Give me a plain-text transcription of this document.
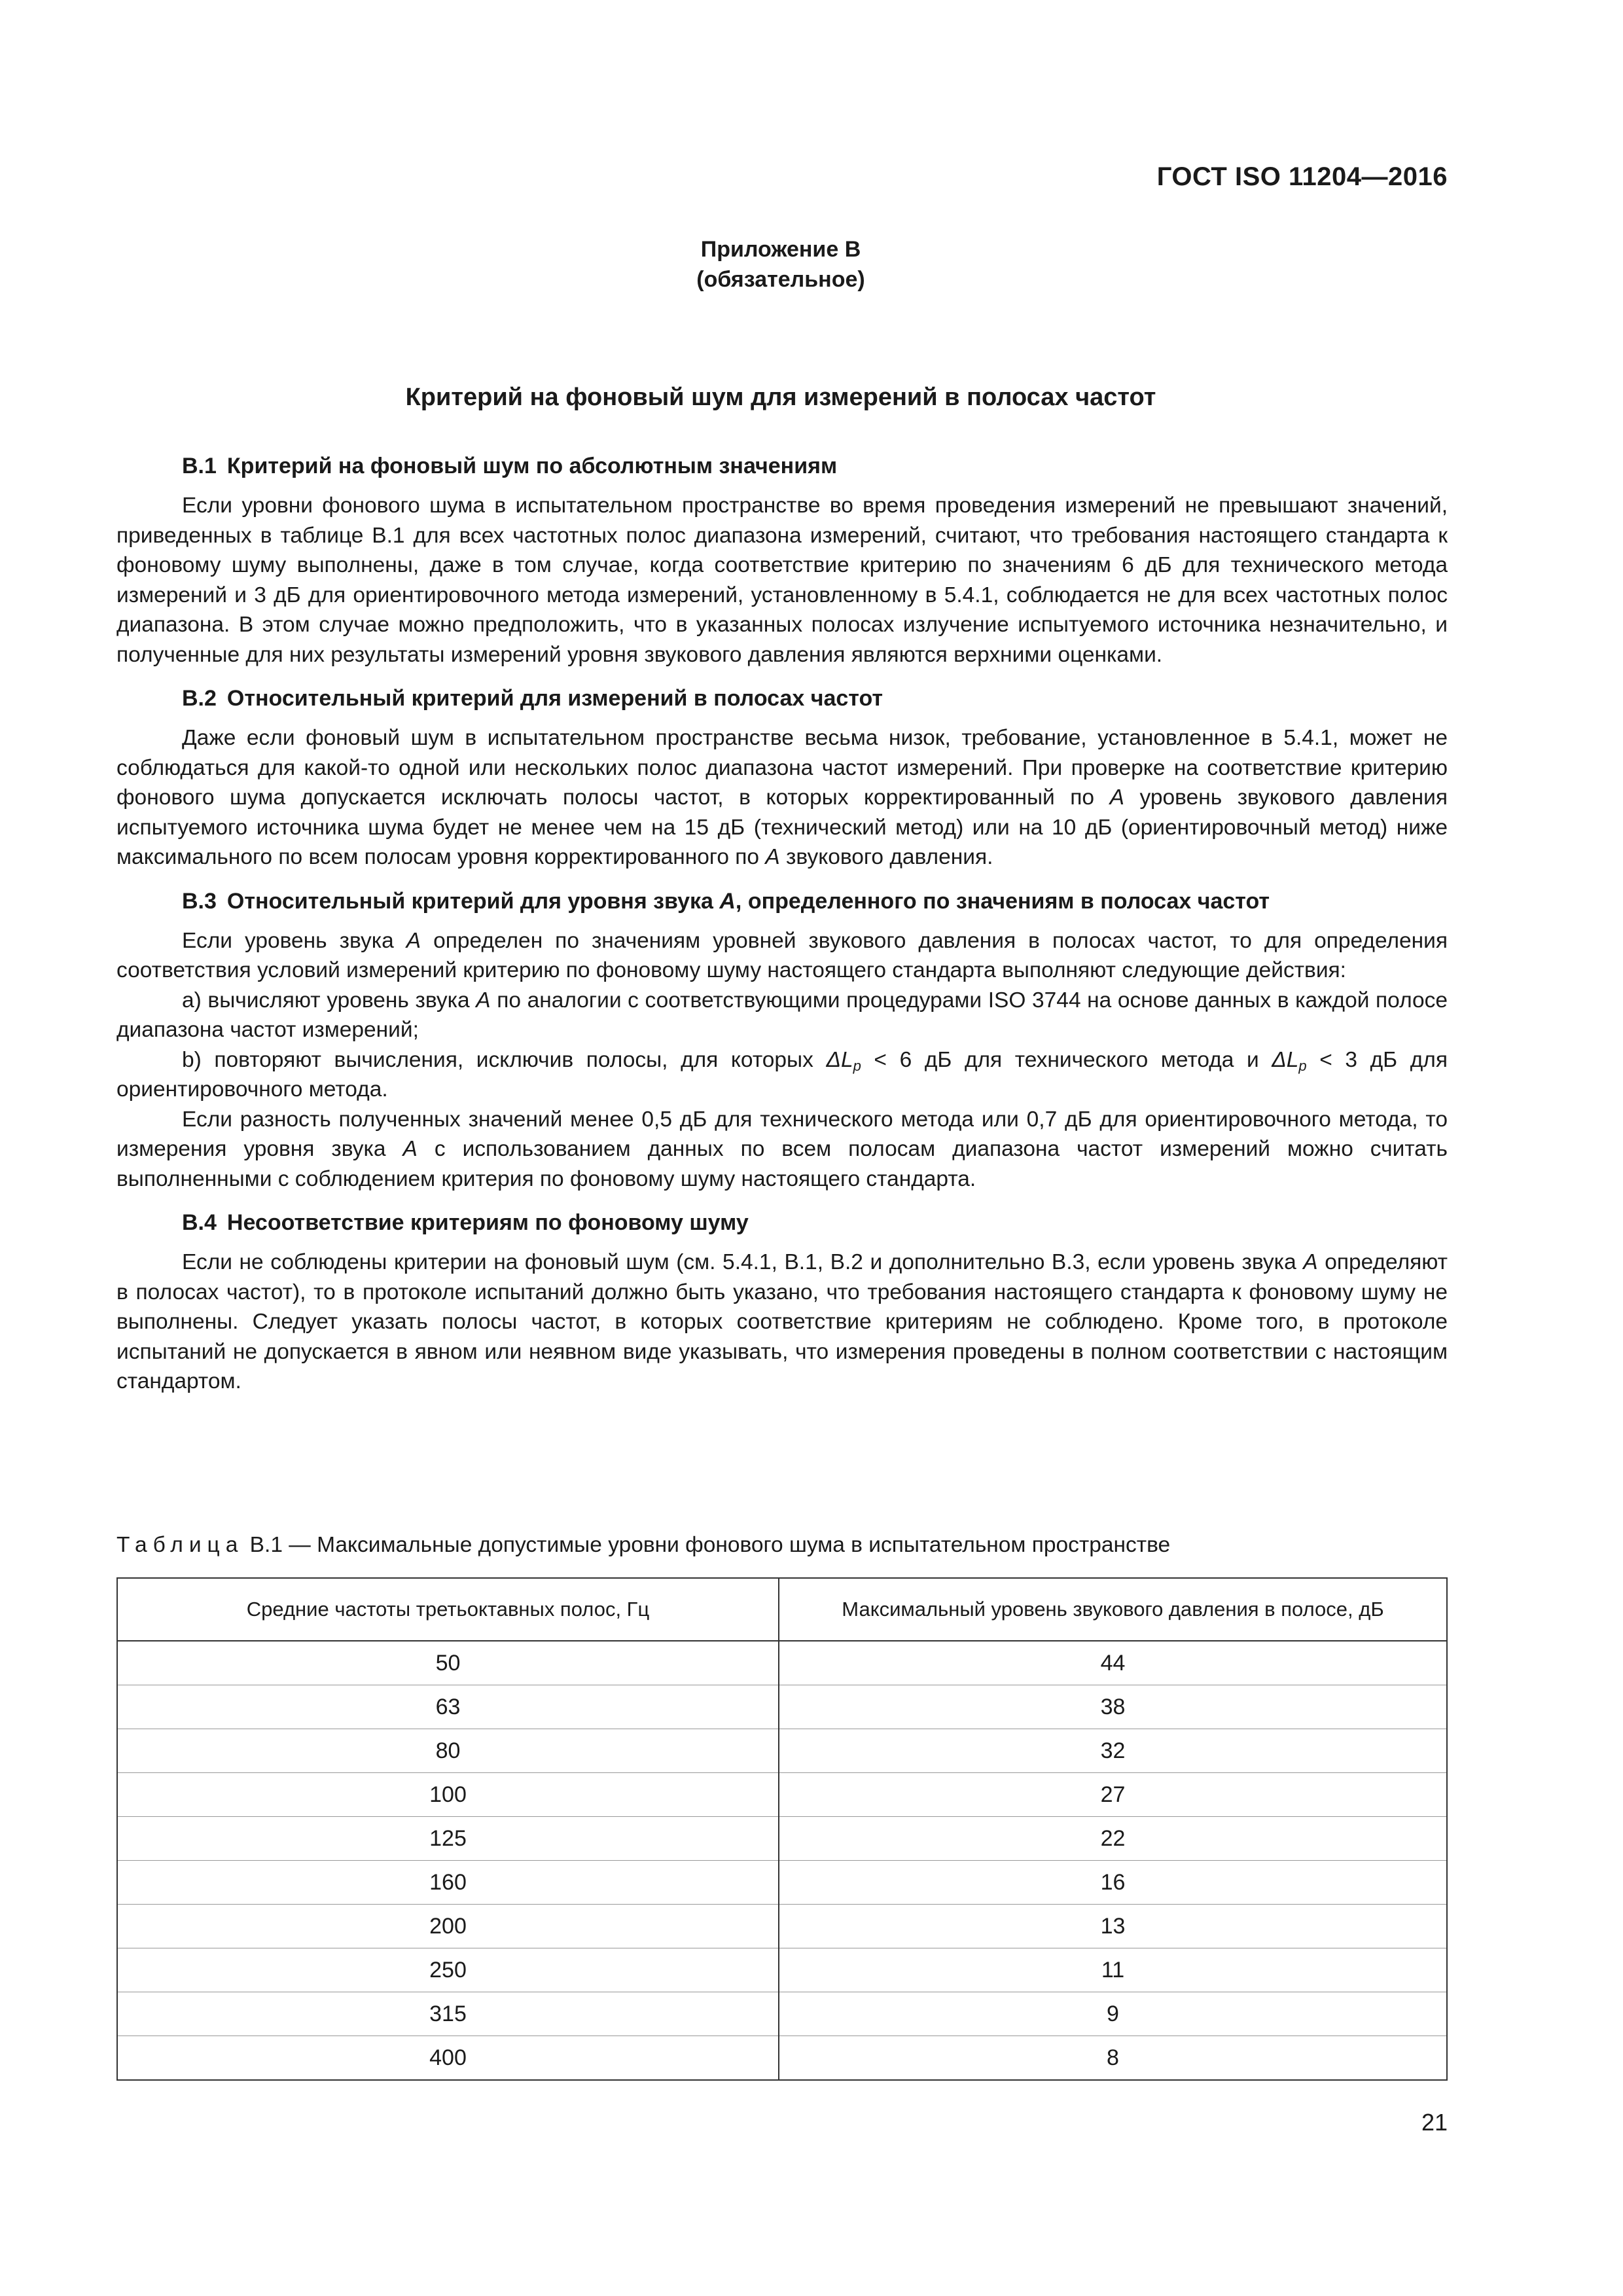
ГОСТ ISO 11204—2016
Приложение В
(обязательное)
Критерий на фоновый шум для измерений в полосах частот
В.1 Критерий на фоновый шум по абсолютным значениям

Если уровни фонового шума в испытательном пространстве во время проведения измерений не превышают значений, приведенных в таблице В.1 для всех частотных полос диапазона измерений, считают, что требования настоящего стандарта к фоновому шуму выполнены, даже в том случае, когда соответствие критерию по значениям 6 дБ для технического метода измерений и 3 дБ для ориентировочного метода измерений, установленному в 5.4.1, соблюдается не для всех частотных полос диапазона. В этом случае можно предположить, что в указанных полосах излучение испытуемого источника незначительно, и полученные для них результаты измерений уровня звукового давления являются верхними оценками.

В.2 Относительный критерий для измерений в полосах частот

Даже если фоновый шум в испытательном пространстве весьма низок, требование, установленное в 5.4.1, может не соблюдаться для какой-то одной или нескольких полос диапазона частот измерений. При проверке на соответствие критерию фонового шума допускается исключать полосы частот, в которых корректированный по А уровень звукового давления испытуемого источника шума будет не менее чем на 15 дБ (технический метод) или на 10 дБ (ориентировочный метод) ниже максимального по всем полосам уровня корректированного по А звукового давления.

В.3 Относительный критерий для уровня звука А, определенного по значениям в полосах частот

Если уровень звука А определен по значениям уровней звукового давления в полосах частот, то для определения соответствия условий измерений критерию по фоновому шуму настоящего стандарта выполняют следующие действия:

а) вычисляют уровень звука А по аналогии с соответствующими процедурами ISO 3744 на основе данных в каждой полосе диапазона частот измерений;

b) повторяют вычисления, исключив полосы, для которых $\Delta L_p < 6$ дБ для технического метода и $\Delta L_p < 3$ дБ для ориентировочного метода.

Если разность полученных значений менее 0,5 дБ для технического метода или 0,7 дБ для ориентировочного метода, то измерения уровня звука А с использованием данных по всем полосам диапазона частот измерений можно считать выполненными с соблюдением критерия по фоновому шуму настоящего стандарта.

В.4 Несоответствие критериям по фоновому шуму

Если не соблюдены критерии на фоновый шум (см. 5.4.1, В.1, В.2 и дополнительно В.3, если уровень звука А определяют в полосах частот), то в протоколе испытаний должно быть указано, что требования настоящего стандарта к фоновому шуму не выполнены. Следует указать полосы частот, в которых соответствие критериям не соблюдено. Кроме того, в протоколе испытаний не допускается в явном или неявном виде указывать, что измерения проведены в полном соответствии с настоящим стандартом.

Таблица В.1 — Максимальные допустимые уровни фонового шума в испытательном пространстве
Средние частоты третьоктавных полос, Гц	Максимальный уровень звукового давления в полосе, дБ
50	44
63	38
80	32
100	27
125	22
160	16
200	13
250	11
315	9
400	8
21
